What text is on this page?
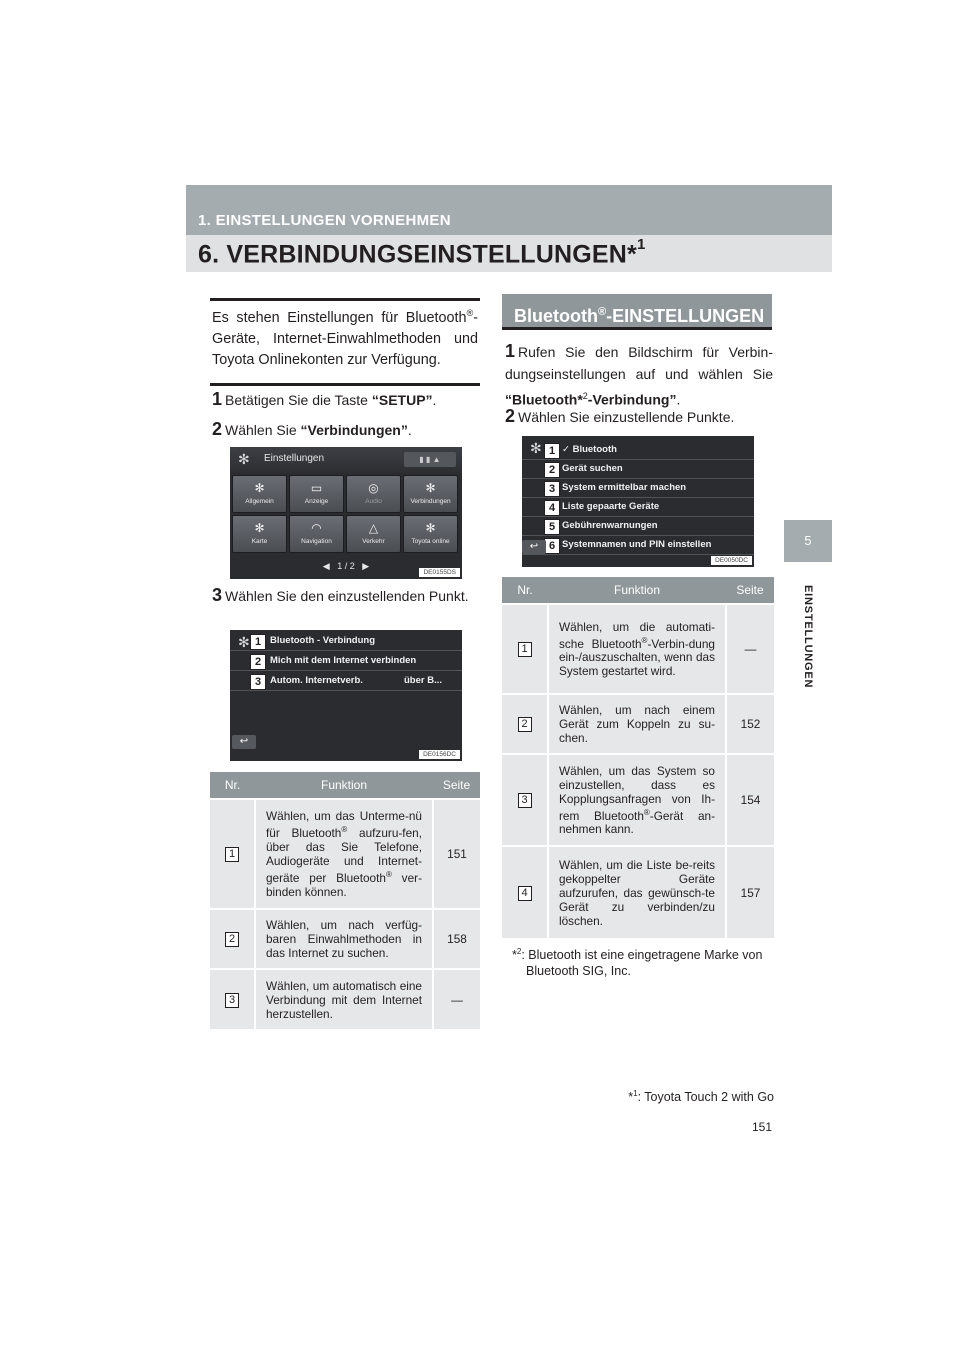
1. EINSTELLUNGEN VORNEHMEN
6. VERBINDUNGSEINSTELLUNGEN*$^1$
5
EINSTELLUNGEN
Es stehen Einstellungen für Bluetooth®-Geräte, Internet-Einwahlmethoden und Toyota Onlinekonten zur Verfügung.
1 Betätigen Sie die Taste “SETUP”.
2 Wählen Sie “Verbindungen”.
✻ Einstellungen	▮ ▮ ▲
✻
Allgemein
▭
Anzeige
◎
Audio
✻
Verbindungen
✻
Karte
◠
Navigation
△
Verkehr
✻
Toyota online
◀ 1 / 2 ▶
DE0155DS
3 Wählen Sie den einzustellenden Punkt.
✻ Bluetooth - Verbindung
Mich mit dem Internet verbinden
Autom. Internetverb.	über B...
1
2
3
↩
DE0156DC
Nr.	Funktion	Seite
1	Wählen, um das Unterme-nü für Bluetooth® aufzuru-fen, über das Sie Telefone, Audiogeräte und Internet-geräte per Bluetooth® ver-binden können.	151
2	Wählen, um nach verfüg-baren Einwahlmethoden in das Internet zu suchen.	158
3	Wählen, um automatisch eine Verbindung mit dem Internet herzustellen.	—
Bluetooth®-EINSTELLUNGEN
1 Rufen Sie den Bildschirm für Verbin-dungseinstellungen auf und wählen Sie “Bluetooth*$^2$-Verbindung”.
2 Wählen Sie einzustellende Punkte.
✻ ✓ Bluetooth
Gerät suchen
System ermittelbar machen
Liste gepaarte Geräte
Gebührenwarnungen
Systemnamen und PIN einstellen
1
2
3
4
5
6
↩
DE0050DC
Nr.	Funktion	Seite
1	Wählen, um die automati-sche Bluetooth®-Verbin-dung ein-/auszuschalten, wenn das System gestartet wird.	—
2	Wählen, um nach einem Gerät zum Koppeln zu su-chen.	152
3	Wählen, um das System so einzustellen, dass es Kopplungsanfragen von Ih-rem Bluetooth®-Gerät an-nehmen kann.	154
4	Wählen, um die Liste be-reits gekoppelter Geräte aufzurufen, das gewünsch-te Gerät zu verbinden/zu löschen.	157
*$^2$: Bluetooth ist eine eingetragene Marke von Bluetooth SIG, Inc.
*$^1$: Toyota Touch 2 with Go
151
